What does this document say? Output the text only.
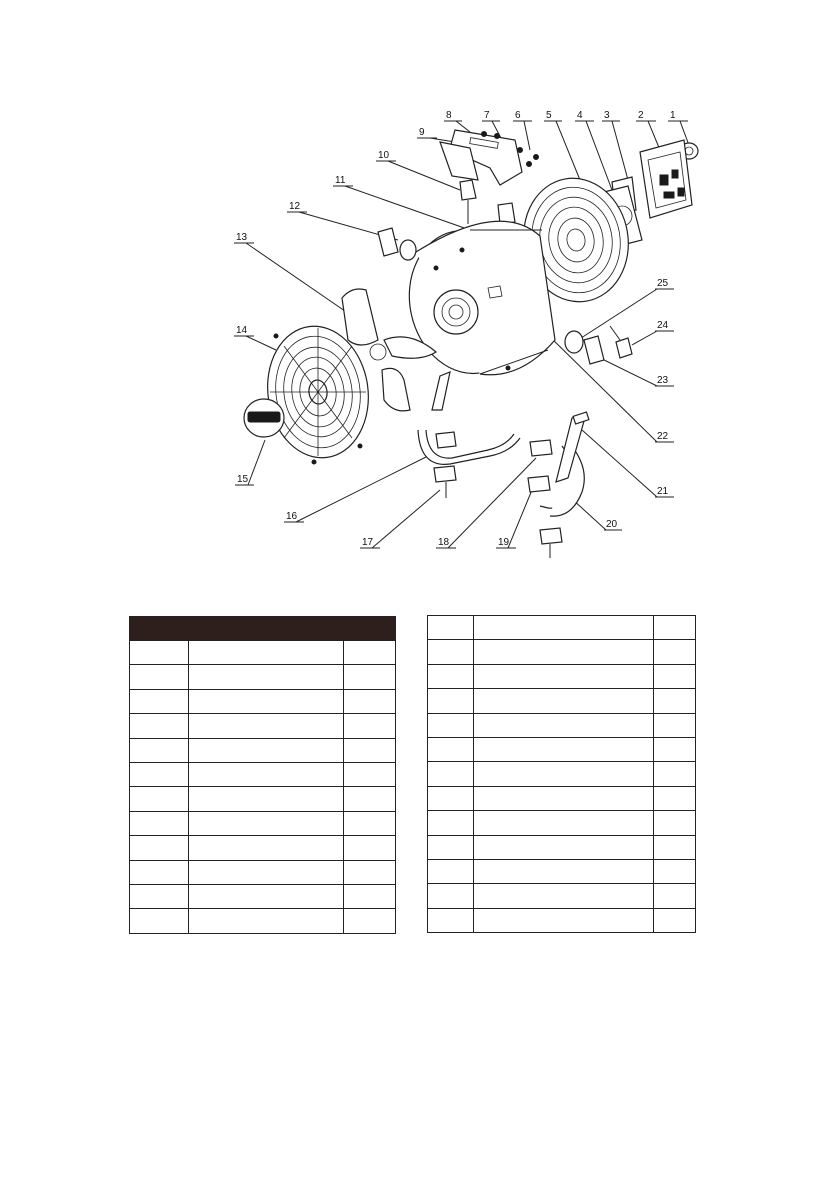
1
2
3
4
5
6
7
8
9
10
11
12
13
14
15
16
17	18	19
20
21
22
23
24
25
